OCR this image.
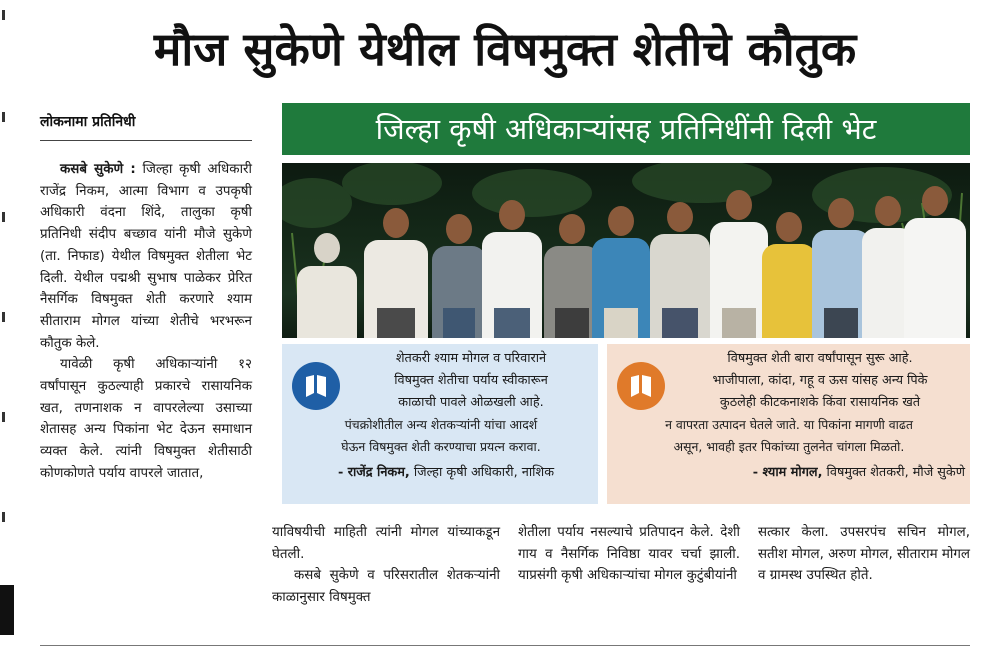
मौज सुकेणे येथील विषमुक्त शेतीचे कौतुक
लोकनामा प्रतिनिधी	जिल्हा कृषी अधिकाऱ्यांसह प्रतिनिधींनी दिली भेट

कसबे सुकेणे : जिल्हा कृषी अधिकारी राजेंद्र निकम, आत्मा विभाग व उपकृषी अधिकारी वंदना शिंदे, तालुका कृषी प्रतिनिधी संदीप बच्छाव यांनी मौजे सुकेणे (ता. निफाड) येथील विषमुक्त शेतीला भेट दिली. येथील पद्मश्री सुभाष पाळेकर प्रेरित नैसर्गिक विषमुक्त शेती करणारे श्याम सीताराम मोगल यांच्या शेतीचे भरभरून कौतुक केले.

यावेळी कृषी अधिकाऱ्यांनी १२ वर्षांपासून कुठल्याही प्रकारचे रासायनिक खत, तणनाशक न वापरलेल्या उसाच्या शेतासह अन्य पिकांना भेट देऊन समाधान व्यक्त केले. त्यांनी विषमुक्त शेतीसाठी कोणकोणते पर्याय वापरले जातात,

शेतकरी श्याम मोगल व परिवाराने
विषमुक्त शेतीचा पर्याय स्वीकारून
काळाची पावले ओळखली आहे.
पंचक्रोशीतील अन्य शेतकऱ्यांनी यांचा आदर्श
घेऊन विषमुक्त शेती करण्याचा प्रयत्न करावा.
- राजेंद्र निकम, जिल्हा कृषी अधिकारी, नाशिक
विषमुक्त शेती बारा वर्षांपासून सुरू आहे.
भाजीपाला, कांदा, गहू व ऊस यांसह अन्य पिके
कुठलेही कीटकनाशके किंवा रासायनिक खते
न वापरता उत्पादन घेतले जाते. या पिकांना मागणी वाढत
असून, भावही इतर पिकांच्या तुलनेत चांगला मिळतो.
- श्याम मोगल, विषमुक्त शेतकरी, मौजे सुकेणे

याविषयीची माहिती त्यांनी मोगल यांच्याकडून घेतली.

कसबे सुकेणे व परिसरातील शेतकऱ्यांनी काळानुसार विषमुक्त

शेतीला पर्याय नसल्याचे प्रतिपादन केले. देशी गाय व नैसर्गिक निविष्ठा यावर चर्चा झाली. याप्रसंगी कृषी अधिकाऱ्यांचा मोगल कुटुंबीयांनी

सत्कार केला. उपसरपंच सचिन मोगल, सतीश मोगल, अरुण मोगल, सीताराम मोगल व ग्रामस्थ उपस्थित होते.
